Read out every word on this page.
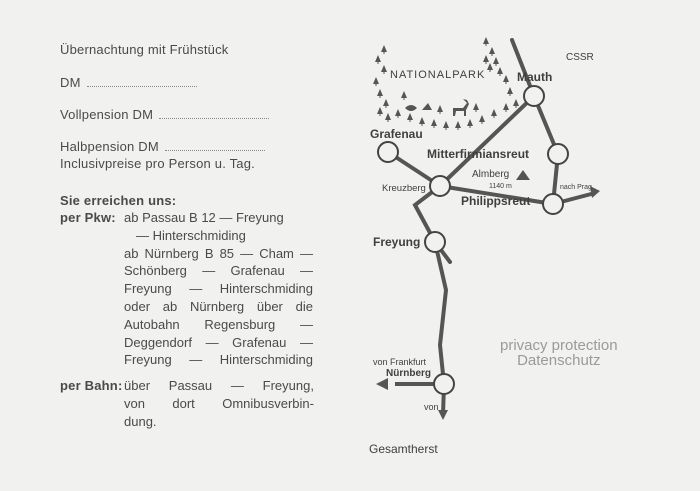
Übernachtung mit Frühstück
DM
Vollpension DM
Halbpension DM
Inclusivpreise pro Person u. Tag.
Sie erreichen uns:
per Pkw: ab Passau B 12 — Freyung
— Hinterschmiding
ab Nürnberg B 85 — Cham —
Schönberg — Grafenau —
Freyung — Hinterschmiding
oder ab Nürnberg über die
Autobahn Regensburg —
Deggendorf — Grafenau —
Freyung — Hinterschmiding
per Bahn: über Passau — Freyung,
von dort Omnibusverbin-
dung.
CSSR
NATIONALPARK	Mauth
Grafenau
Mitterfirmiansreut
Kreuzberg
Almberg
1140 m
Philippsreut
nach Prag
Freyung
von Frankfurt
Nürnberg
von
Gesamtherst
privacy protection
Datenschutz
